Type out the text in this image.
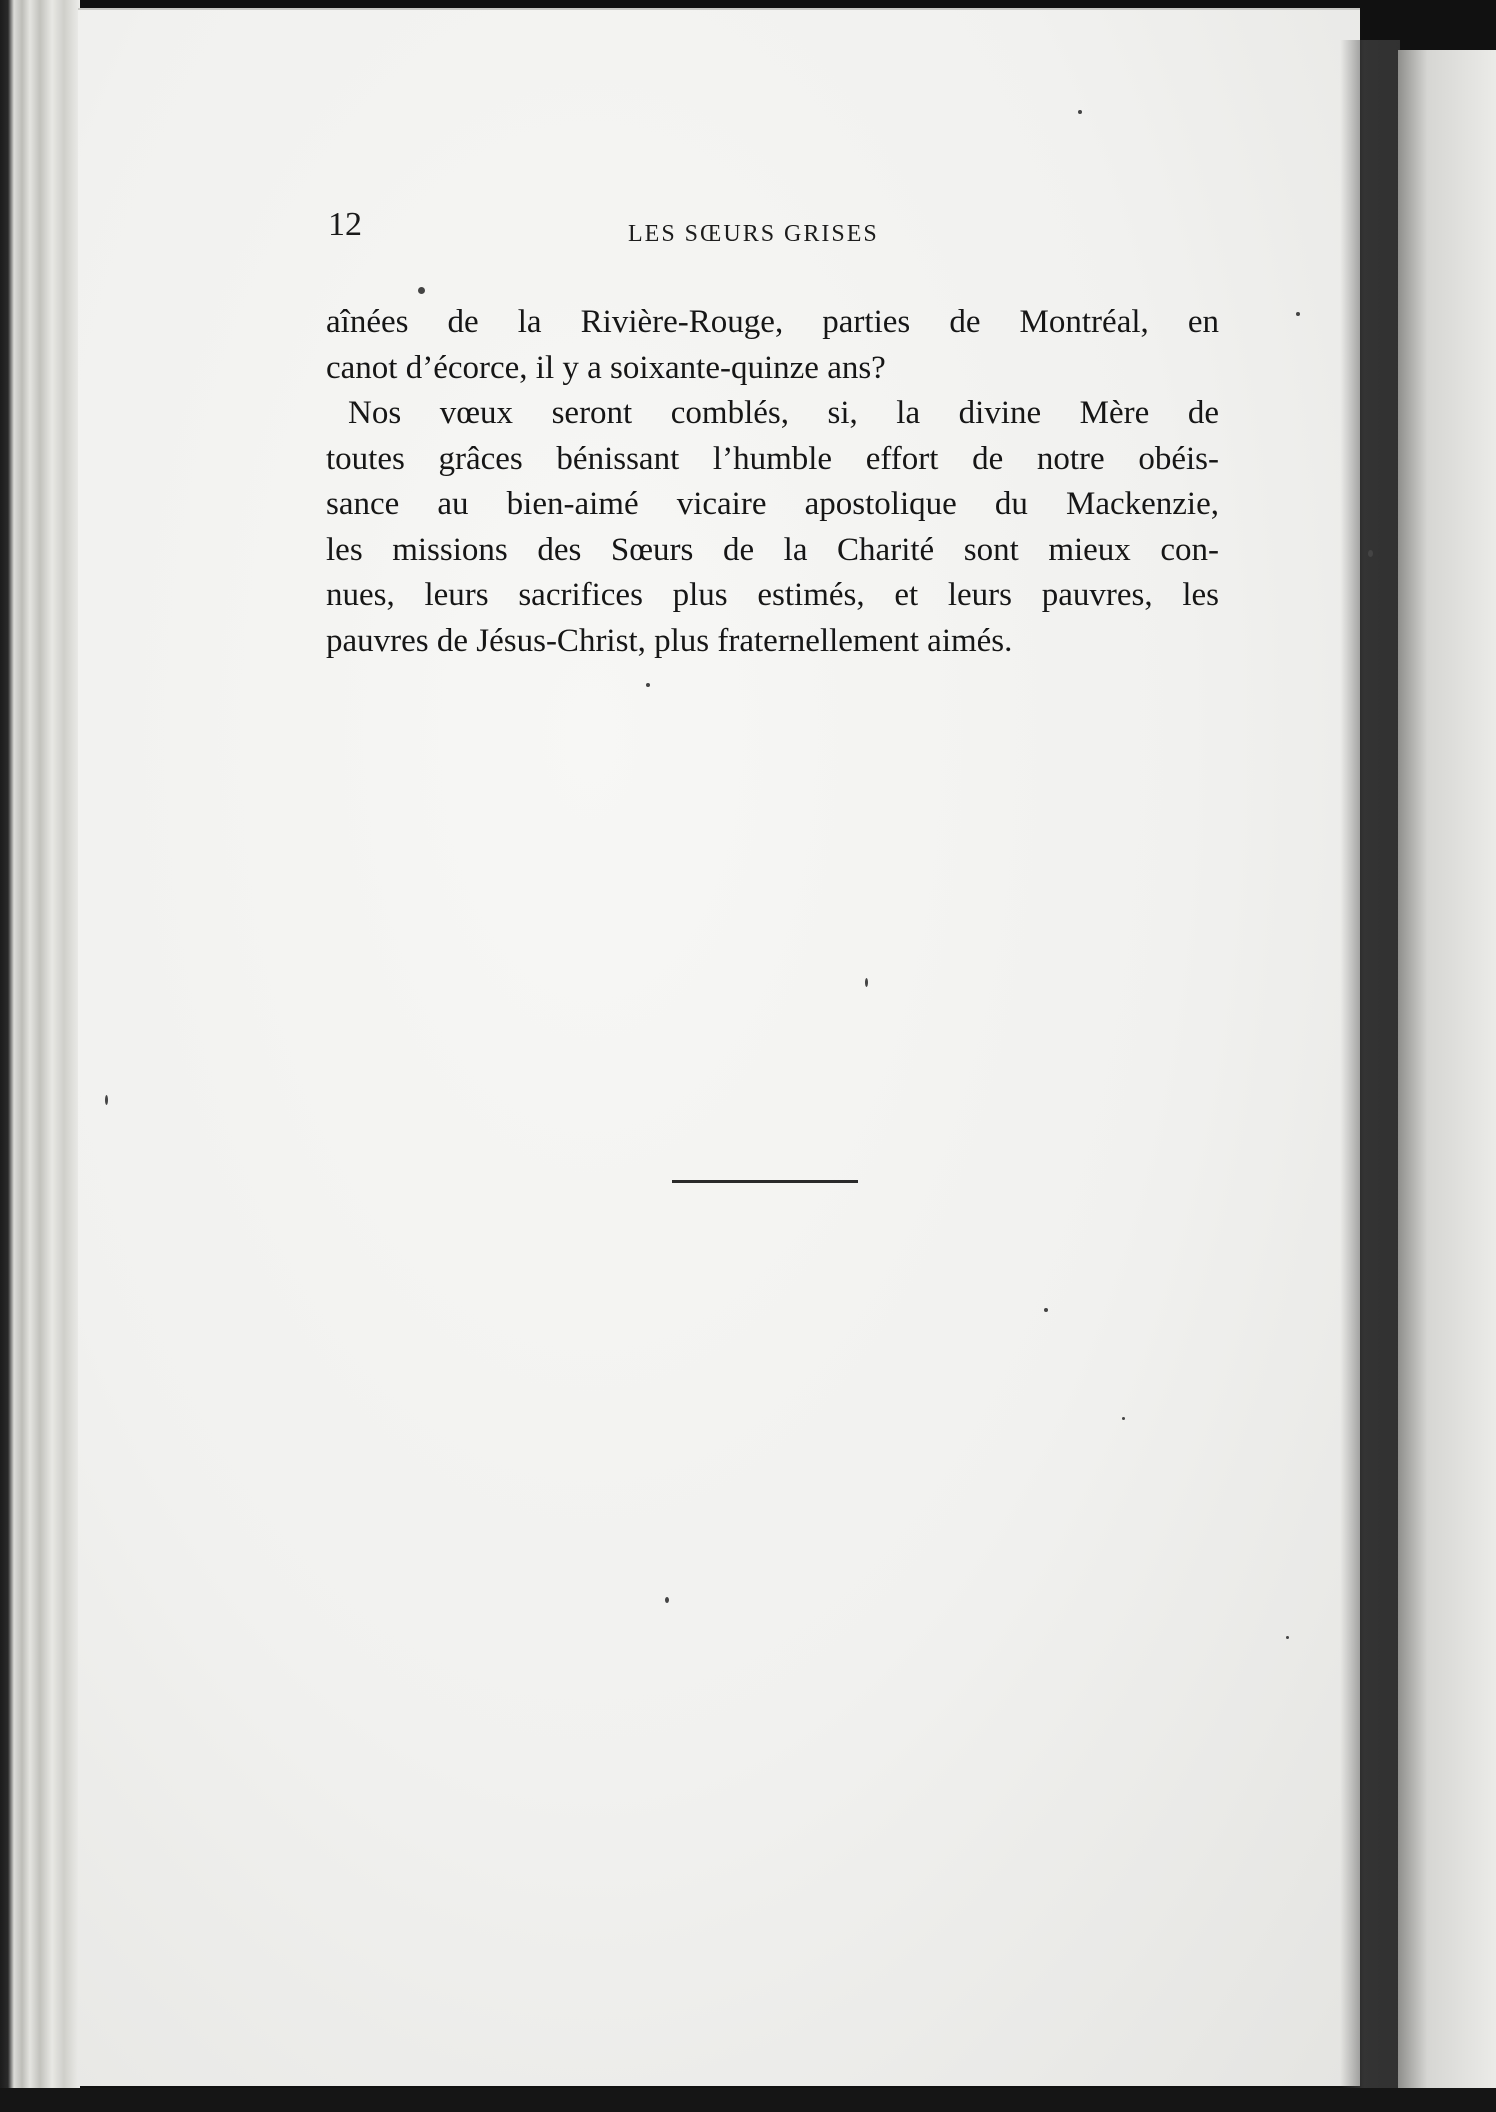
12	LES SŒURS GRISES
aînées de la Rivière-Rouge, parties de Montréal, en
canot d’écorce, il y a soixante-quinze ans?
Nos vœux seront comblés, si, la divine Mère de
toutes grâces bénissant l’humble effort de notre obéis-
sance au bien-aimé vicaire apostolique du Mackenzie,
les missions des Sœurs de la Charité sont mieux con-
nues, leurs sacrifices plus estimés, et leurs pauvres, les
pauvres de Jésus-Christ, plus fraternellement aimés.
